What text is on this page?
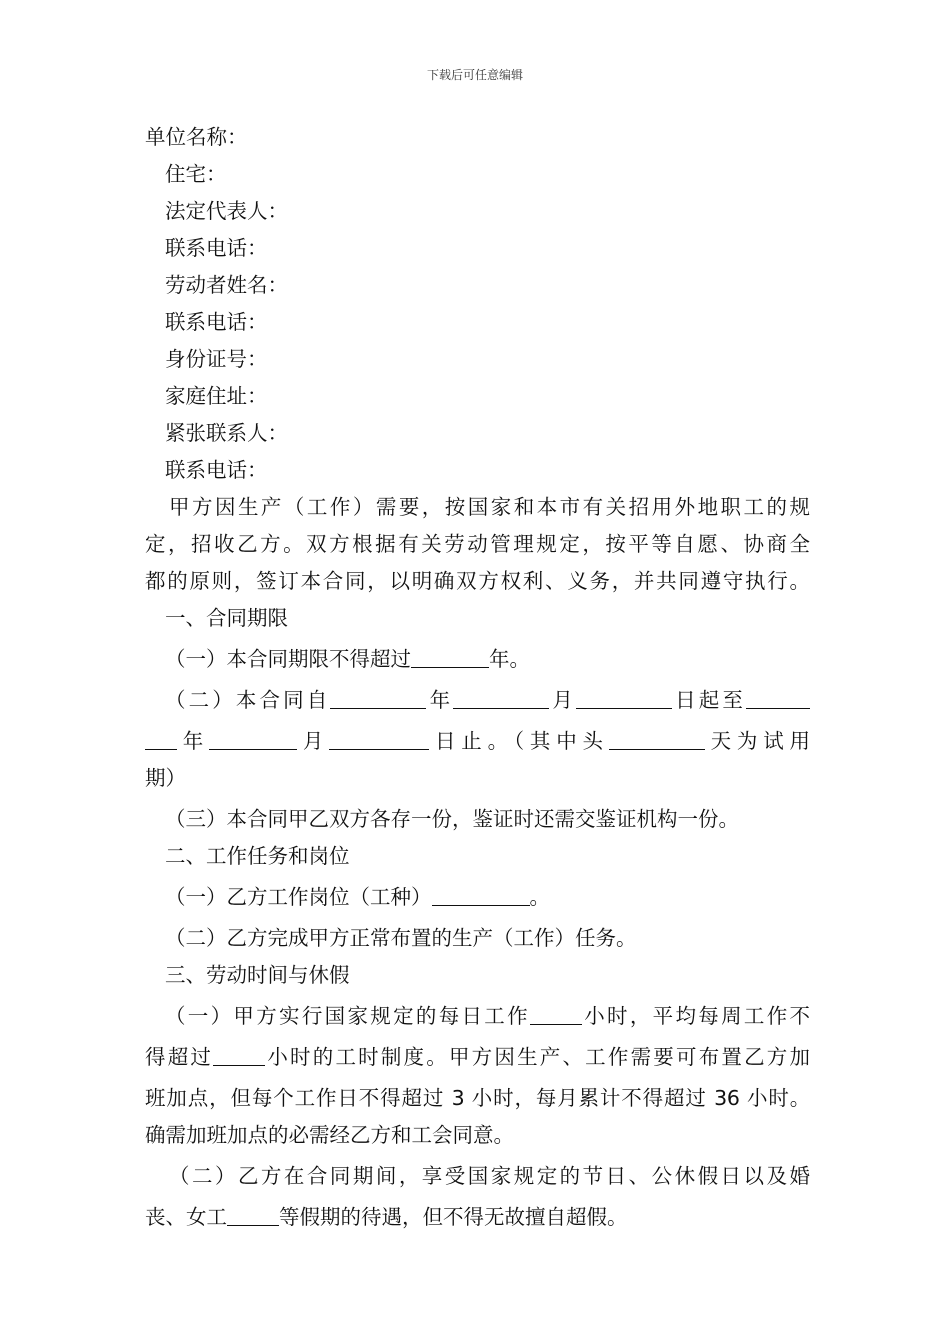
下载后可任意编辑
单位名称：
住宅：
法定代表人：
联系电话：
劳动者姓名：
联系电话：
身份证号：
家庭住址：
紧张联系人：
联系电话：
甲方因生产（工作）需要，按国家和本市有关招用外地职工的规
定，招收乙方。双方根据有关劳动管理规定，按平等自愿、协商全
都的原则，签订本合同，以明确双方权利、义务，并共同遵守执行。
一、合同期限
（一）本合同期限不得超过	年。
（二）本合同自	年	月	日起至
年	月	日止。（其中头	天为试用
期）
（三）本合同甲乙双方各存一份，鉴证时还需交鉴证机构一份。
二、工作任务和岗位
（一）乙方工作岗位（工种）	。
（二）乙方完成甲方正常布置的生产（工作）任务。
三、劳动时间与休假
（一）甲方实行国家规定的每日工作	小时，平均每周工作不
得超过	小时的工时制度。甲方因生产、工作需要可布置乙方加
班加点，但每个工作日不得超过 3 小时，每月累计不得超过 36 小时。
确需加班加点的必需经乙方和工会同意。
（二）乙方在合同期间，享受国家规定的节日、公休假日以及婚
丧、女工	等假期的待遇，但不得无故擅自超假。
